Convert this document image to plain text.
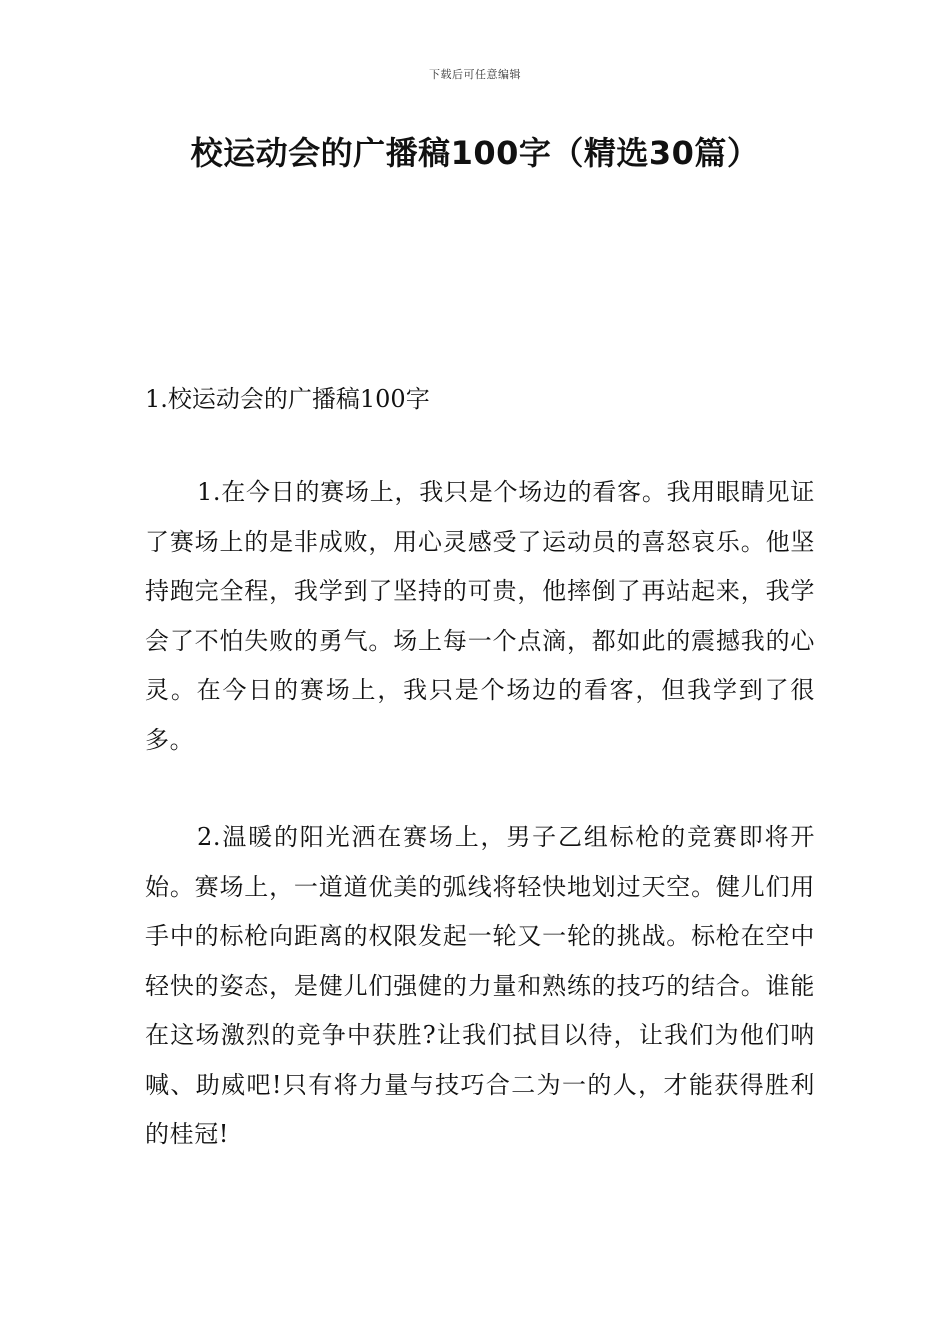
下载后可任意编辑
校运动会的广播稿100字（精选30篇）

1.校运动会的广播稿100字

1.在今日的赛场上，我只是个场边的看客。我用眼睛见证了赛场上的是非成败，用心灵感受了运动员的喜怒哀乐。他坚持跑完全程，我学到了坚持的可贵，他摔倒了再站起来，我学会了不怕失败的勇气。场上每一个点滴，都如此的震撼我的心灵。在今日的赛场上，我只是个场边的看客，但我学到了很多。

2.温暖的阳光洒在赛场上，男子乙组标枪的竞赛即将开始。赛场上，一道道优美的弧线将轻快地划过天空。健儿们用手中的标枪向距离的权限发起一轮又一轮的挑战。标枪在空中轻快的姿态，是健儿们强健的力量和熟练的技巧的结合。谁能在这场激烈的竞争中获胜?让我们拭目以待，让我们为他们呐喊、助威吧!只有将力量与技巧合二为一的人，才能获得胜利的桂冠!
